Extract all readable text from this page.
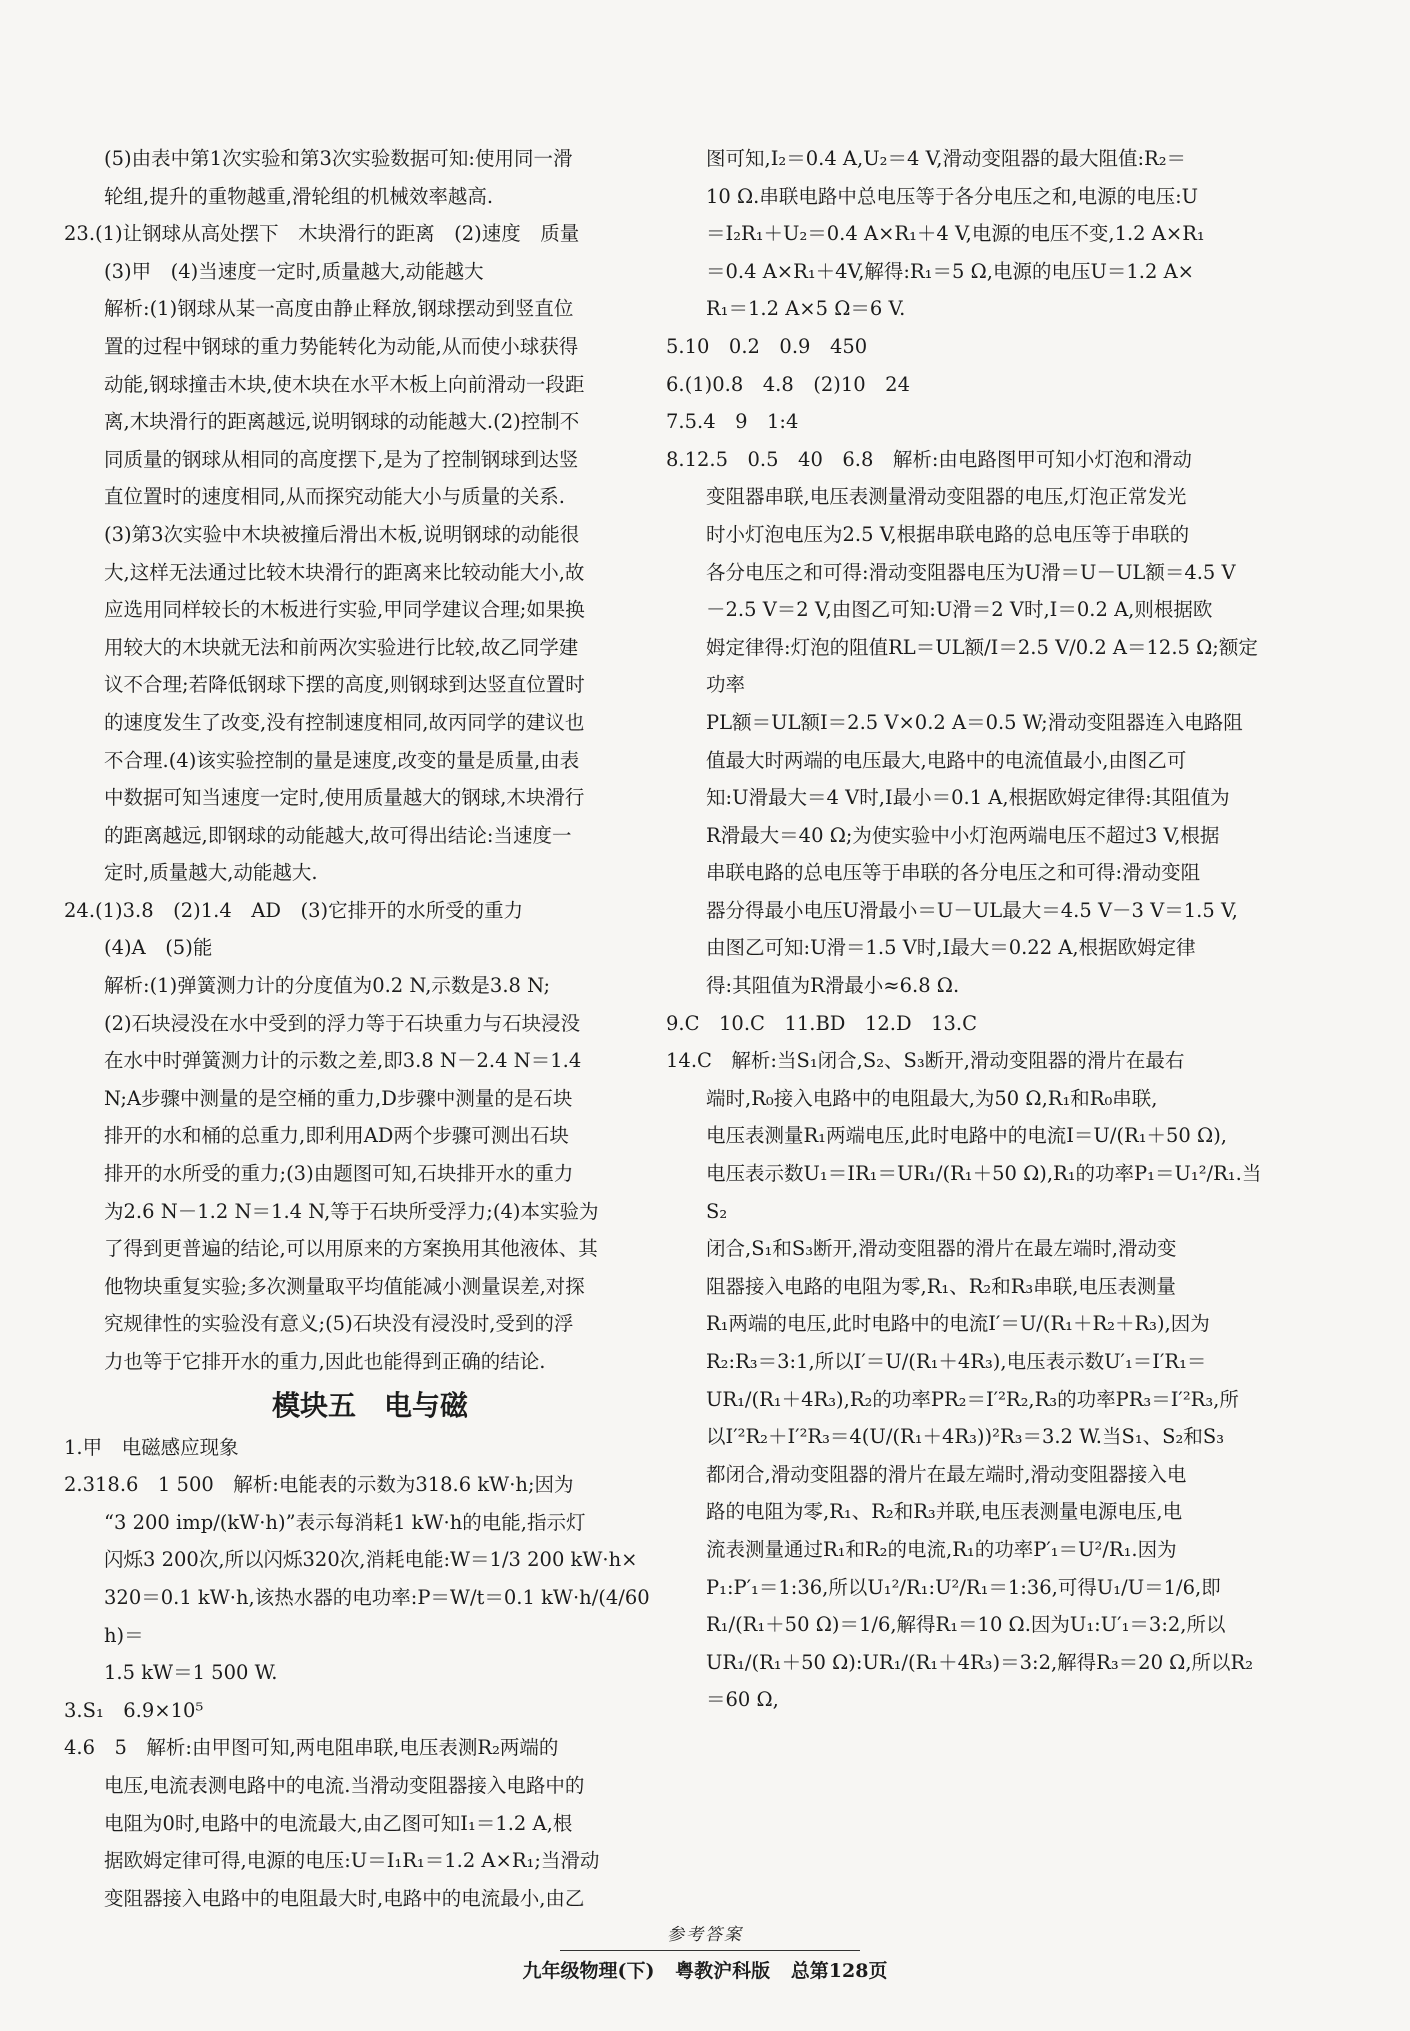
(5)由表中第1次实验和第3次实验数据可知:使用同一滑

轮组,提升的重物越重,滑轮组的机械效率越高.

23.(1)让钢球从高处摆下　木块滑行的距离　(2)速度　质量

(3)甲　(4)当速度一定时,质量越大,动能越大

解析:(1)钢球从某一高度由静止释放,钢球摆动到竖直位

置的过程中钢球的重力势能转化为动能,从而使小球获得

动能,钢球撞击木块,使木块在水平木板上向前滑动一段距

离,木块滑行的距离越远,说明钢球的动能越大.(2)控制不

同质量的钢球从相同的高度摆下,是为了控制钢球到达竖

直位置时的速度相同,从而探究动能大小与质量的关系.

(3)第3次实验中木块被撞后滑出木板,说明钢球的动能很

大,这样无法通过比较木块滑行的距离来比较动能大小,故

应选用同样较长的木板进行实验,甲同学建议合理;如果换

用较大的木块就无法和前两次实验进行比较,故乙同学建

议不合理;若降低钢球下摆的高度,则钢球到达竖直位置时

的速度发生了改变,没有控制速度相同,故丙同学的建议也

不合理.(4)该实验控制的量是速度,改变的量是质量,由表

中数据可知当速度一定时,使用质量越大的钢球,木块滑行

的距离越远,即钢球的动能越大,故可得出结论:当速度一

定时,质量越大,动能越大.

24.(1)3.8　(2)1.4　AD　(3)它排开的水所受的重力

(4)A　(5)能

解析:(1)弹簧测力计的分度值为0.2 N,示数是3.8 N;

(2)石块浸没在水中受到的浮力等于石块重力与石块浸没

在水中时弹簧测力计的示数之差,即3.8 N－2.4 N＝1.4

N;A步骤中测量的是空桶的重力,D步骤中测量的是石块

排开的水和桶的总重力,即利用AD两个步骤可测出石块

排开的水所受的重力;(3)由题图可知,石块排开水的重力

为2.6 N－1.2 N＝1.4 N,等于石块所受浮力;(4)本实验为

了得到更普遍的结论,可以用原来的方案换用其他液体、其

他物块重复实验;多次测量取平均值能减小测量误差,对探

究规律性的实验没有意义;(5)石块没有浸没时,受到的浮

力也等于它排开水的重力,因此也能得到正确的结论.

模块五　电与磁

1.甲　电磁感应现象

2.318.6　1 500　解析:电能表的示数为318.6 kW·h;因为

“3 200 imp/(kW·h)”表示每消耗1 kW·h的电能,指示灯

闪烁3 200次,所以闪烁320次,消耗电能:W＝1/3 200 kW·h×

320＝0.1 kW·h,该热水器的电功率:P＝W/t＝0.1 kW·h/(4/60 h)＝

1.5 kW＝1 500 W.

3.S₁　6.9×10⁵

4.6　5　解析:由甲图可知,两电阻串联,电压表测R₂两端的

电压,电流表测电路中的电流.当滑动变阻器接入电路中的

电阻为0时,电路中的电流最大,由乙图可知I₁＝1.2 A,根

据欧姆定律可得,电源的电压:U＝I₁R₁＝1.2 A×R₁;当滑动

变阻器接入电路中的电阻最大时,电路中的电流最小,由乙

图可知,I₂＝0.4 A,U₂＝4 V,滑动变阻器的最大阻值:R₂＝

10 Ω.串联电路中总电压等于各分电压之和,电源的电压:U

＝I₂R₁＋U₂＝0.4 A×R₁＋4 V,电源的电压不变,1.2 A×R₁

＝0.4 A×R₁＋4V,解得:R₁＝5 Ω,电源的电压U＝1.2 A×

R₁＝1.2 A×5 Ω＝6 V.

5.10　0.2　0.9　450

6.(1)0.8　4.8　(2)10　24

7.5.4　9　1:4

8.12.5　0.5　40　6.8　解析:由电路图甲可知小灯泡和滑动

变阻器串联,电压表测量滑动变阻器的电压,灯泡正常发光

时小灯泡电压为2.5 V,根据串联电路的总电压等于串联的

各分电压之和可得:滑动变阻器电压为U滑＝U－UL额＝4.5 V

－2.5 V＝2 V,由图乙可知:U滑＝2 V时,I＝0.2 A,则根据欧

姆定律得:灯泡的阻值RL＝UL额/I＝2.5 V/0.2 A＝12.5 Ω;额定功率

PL额＝UL额I＝2.5 V×0.2 A＝0.5 W;滑动变阻器连入电路阻

值最大时两端的电压最大,电路中的电流值最小,由图乙可

知:U滑最大＝4 V时,I最小＝0.1 A,根据欧姆定律得:其阻值为

R滑最大＝40 Ω;为使实验中小灯泡两端电压不超过3 V,根据

串联电路的总电压等于串联的各分电压之和可得:滑动变阻

器分得最小电压U滑最小＝U－UL最大＝4.5 V－3 V＝1.5 V,

由图乙可知:U滑＝1.5 V时,I最大＝0.22 A,根据欧姆定律

得:其阻值为R滑最小≈6.8 Ω.

9.C　10.C　11.BD　12.D　13.C

14.C　解析:当S₁闭合,S₂、S₃断开,滑动变阻器的滑片在最右

端时,R₀接入电路中的电阻最大,为50 Ω,R₁和R₀串联,

电压表测量R₁两端电压,此时电路中的电流I＝U/(R₁＋50 Ω),

电压表示数U₁＝IR₁＝UR₁/(R₁＋50 Ω),R₁的功率P₁＝U₁²/R₁.当S₂

闭合,S₁和S₃断开,滑动变阻器的滑片在最左端时,滑动变

阻器接入电路的电阻为零,R₁、R₂和R₃串联,电压表测量

R₁两端的电压,此时电路中的电流I′＝U/(R₁＋R₂＋R₃),因为

R₂:R₃＝3:1,所以I′＝U/(R₁＋4R₃),电压表示数U′₁＝I′R₁＝

UR₁/(R₁＋4R₃),R₂的功率PR₂＝I′²R₂,R₃的功率PR₃＝I′²R₃,所

以I′²R₂＋I′²R₃＝4(U/(R₁＋4R₃))²R₃＝3.2 W.当S₁、S₂和S₃

都闭合,滑动变阻器的滑片在最左端时,滑动变阻器接入电

路的电阻为零,R₁、R₂和R₃并联,电压表测量电源电压,电

流表测量通过R₁和R₂的电流,R₁的功率P′₁＝U²/R₁.因为

P₁:P′₁＝1:36,所以U₁²/R₁:U²/R₁＝1:36,可得U₁/U＝1/6,即

R₁/(R₁＋50 Ω)＝1/6,解得R₁＝10 Ω.因为U₁:U′₁＝3:2,所以

UR₁/(R₁＋50 Ω):UR₁/(R₁＋4R₃)＝3:2,解得R₃＝20 Ω,所以R₂＝60 Ω,

参考答案
九年级物理(下) 粤教沪科版 总第128页
